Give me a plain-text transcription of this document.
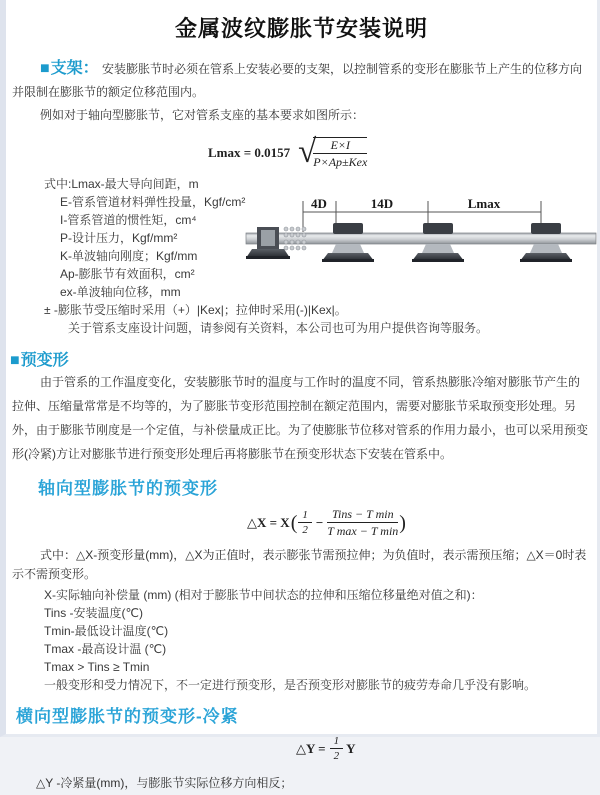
金属波纹膨胀节安装说明
■支架： 安装膨胀节时必须在管系上安装必要的支架，以控制管系的变形在膨胀节上产生的位移方向并限制在膨胀节的额定位移范围内。

例如对于轴向型膨胀节，它对管系支座的基本要求如图所示：

Lmax = 0.0157 √
$\frac{E\times I}{\text{P×Ap±Kex}}$
式中:Lmax-最大导向间距，m
E-管系管道材料弹性投量，Kgf/cm²
I-管系管道的惯性矩，cm⁴
P-设计压力，Kgf/mm²
K-单波轴向刚度；Kgf/mm
Ap-膨胀节有效面积，cm²
ex-单波轴向位移，mm
± -膨胀节受压缩时采用（+）|Kex|；拉伸时采用(-)|Kex|。
关于管系支座设计问题，请参阅有关资料，本公司也可为用户提供咨询等服务。
4D	14D	Lmax
■预变形

由于管系的工作温度变化，安装膨胀节时的温度与工作时的温度不同，管系热膨胀冷缩对膨胀节产生的拉伸、压缩量常常是不均等的，为了膨胀节变形范围控制在额定范围内，需要对膨胀节采取预变形处理。另外，由于膨胀节刚度是一个定值，与补偿量成正比。为了使膨胀节位移对管系的作用力最小，也可以采用预变形(冷紧)方让对膨胀节进行预变形处理后再将膨胀节在预变形状态下安装在管系中。

轴向型膨胀节的预变形
△X = X ( $\frac{1}{2} - \frac{\text{Tins − T min}}{\text{T max − T min}}$ )

式中：△X-预变形量(mm)，△X为正值时，表示膨张节需预拉伸；为负值时，表示需预压缩；△X＝0时表示不需预变形。

X-实际轴向补偿量 (mm) (相对于膨胀节中间状态的拉伸和压缩位移量绝对值之和)：
Tins -安装温度(℃)
Tmin-最低设计温度(℃)
Tmax -最高设计温 (℃)
Tmax > Tins ≥ Tmin
一般变形和受力情况下，不一定进行预变形，是否预变形对膨胀节的疲劳寿命几乎没有影响。
横向型膨胀节的预变形-冷紧
△Y = $\frac{1}{2}$ Y

△Y -冷紧量(mm)，与膨胀节实际位移方向相反；
